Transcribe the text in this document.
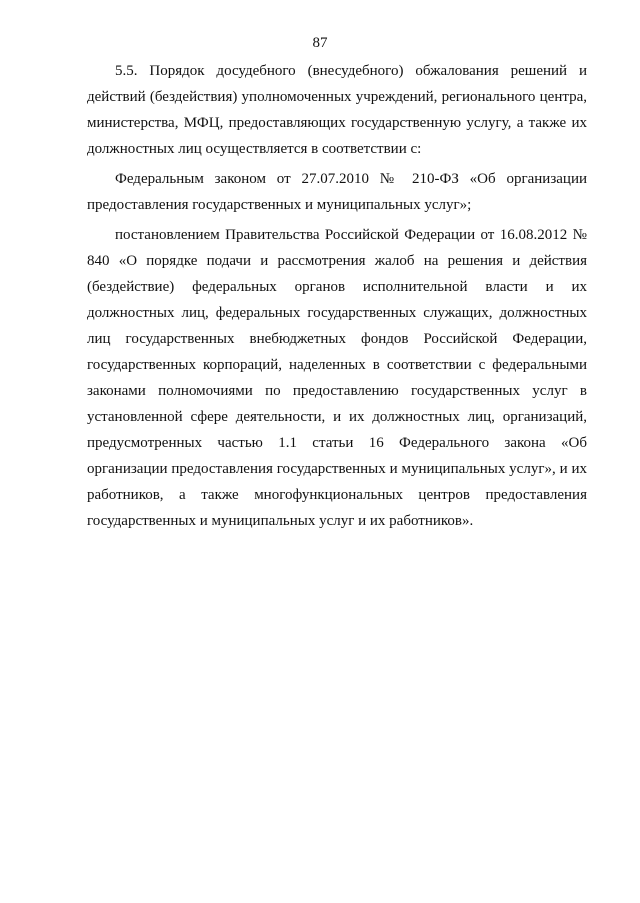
87

5.5. Порядок досудебного (внесудебного) обжалования решений и действий (бездействия) уполномоченных учреждений, регионального центра, министерства, МФЦ, предоставляющих государственную услугу, а также их должностных лиц осуществляется в соответствии с:

Федеральным законом от 27.07.2010 № 210-ФЗ «Об организации предоставления государственных и муниципальных услуг»;

постановлением Правительства Российской Федерации от 16.08.2012 № 840 «О порядке подачи и рассмотрения жалоб на решения и действия (бездействие) федеральных органов исполнительной власти и их должностных лиц, федеральных государственных служащих, должностных лиц государственных внебюджетных фондов Российской Федерации, государственных корпораций, наделенных в соответствии с федеральными законами полномочиями по предоставлению государственных услуг в установленной сфере деятельности, и их должностных лиц, организаций, предусмотренных частью 1.1 статьи 16 Федерального закона «Об организации предоставления государственных и муниципальных услуг», и их работников, а также многофункциональных центров предоставления государственных и муниципальных услуг и их работников».
